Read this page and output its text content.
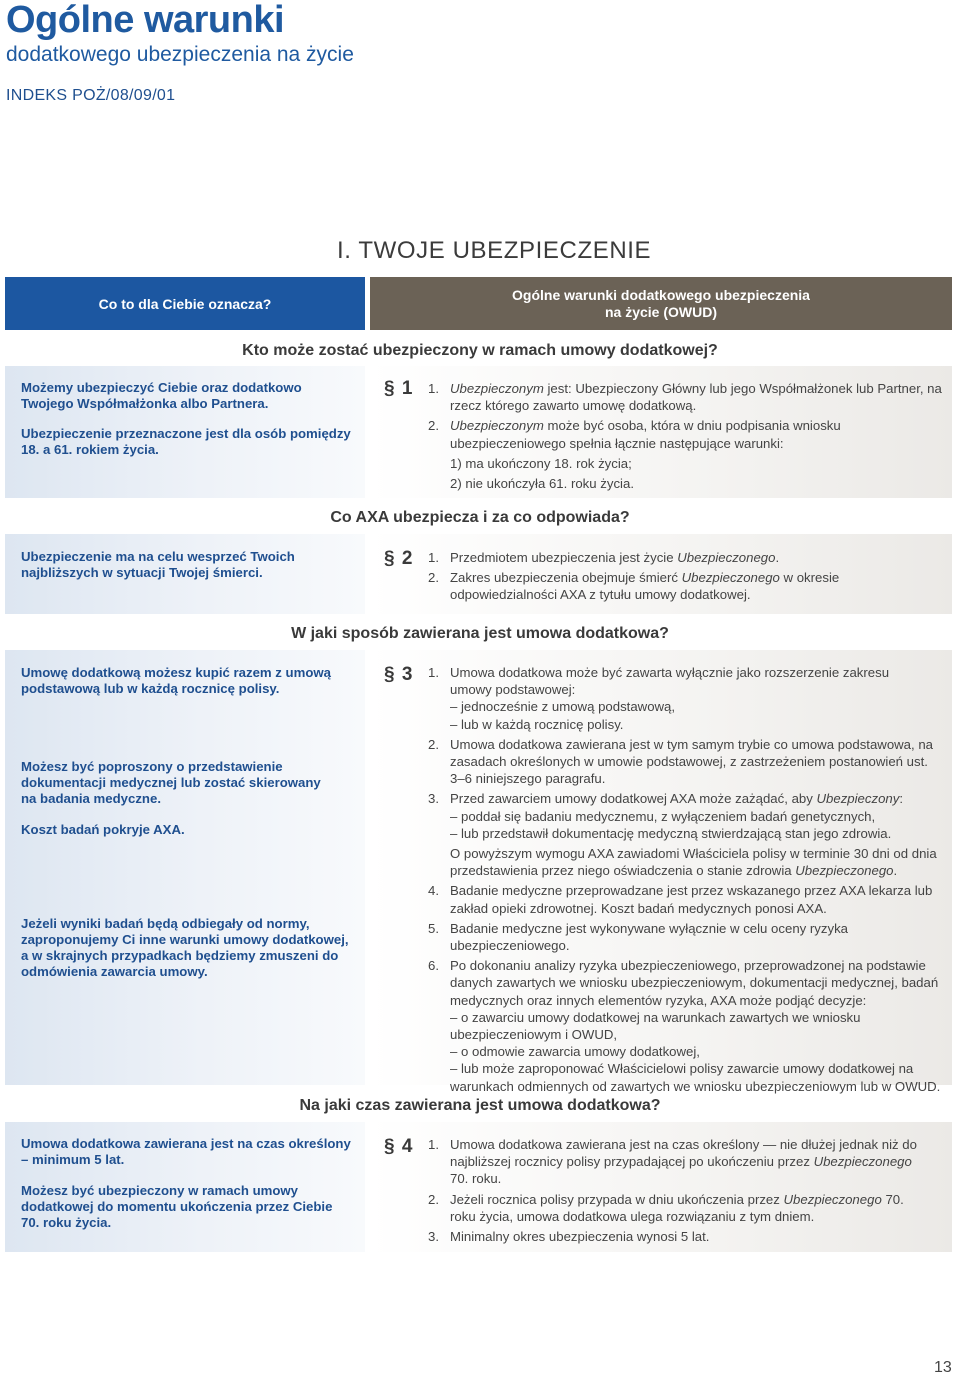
Ogólne warunki
dodatkowego ubezpieczenia na życie
INDEKS POŻ/08/09/01
I. TWOJE UBEZPIECZENIE
Co to dla Ciebie oznacza?
Ogólne warunki dodatkowego ubezpieczenia
na życie (OWUD)
Kto może zostać ubezpieczony w ramach umowy dodatkowej?

Możemy ubezpieczyć Ciebie oraz dodatkowo Twojego Współmałżonka albo Partnera.

Ubezpieczenie przeznaczone jest dla osób pomiędzy 18. a 61. rokiem życia.

§ 1 1. Ubezpieczonym jest: Ubezpieczony Główny lub jego Współmałżonek lub Partner, na rzecz którego zawarto umowę dodatkową.
2. Ubezpieczonym może być osoba, która w dniu podpisania wniosku ubezpieczeniowego spełnia łącznie następujące warunki:
1) ma ukończony 18. rok życia;
2) nie ukończyła 61. roku życia.
Co AXA ubezpiecza i za co odpowiada?

Ubezpieczenie ma na celu wesprzeć Twoich najbliższych w sytuacji Twojej śmierci.

§ 2 1. Przedmiotem ubezpieczenia jest życie Ubezpieczonego.
2. Zakres ubezpieczenia obejmuje śmierć Ubezpieczonego w okresie odpowiedzialności AXA z tytułu umowy dodatkowej.
W jaki sposób zawierana jest umowa dodatkowa?

Umowę dodatkową możesz kupić razem z umową podstawową lub w każdą rocznicę polisy.

Możesz być poproszony o przedstawienie dokumentacji medycznej lub zostać skierowany na badania medyczne.

Koszt badań pokryje AXA.

Jeżeli wyniki badań będą odbiegały od normy, zaproponujemy Ci inne warunki umowy dodatkowej, a w skrajnych przypadkach będziemy zmuszeni do odmówienia zawarcia umowy.

§ 3 1. Umowa dodatkowa może być zawarta wyłącznie jako rozszerzenie zakresu umowy podstawowej:
– jednocześnie z umową podstawową,
– lub w każdą rocznicę polisy.
2. Umowa dodatkowa zawierana jest w tym samym trybie co umowa podstawowa, na zasadach określonych w umowie podstawowej, z zastrzeżeniem postanowień ust. 3–6 niniejszego paragrafu.
3. Przed zawarciem umowy dodatkowej AXA może zażądać, aby Ubezpieczony:
– poddał się badaniu medycznemu, z wyłączeniem badań genetycznych,
– lub przedstawił dokumentację medyczną stwierdzającą stan jego zdrowia.
O powyższym wymogu AXA zawiadomi Właściciela polisy w terminie 30 dni od dnia przedstawienia przez niego oświadczenia o stanie zdrowia Ubezpieczonego.
4. Badanie medyczne przeprowadzane jest przez wskazanego przez AXA lekarza lub zakład opieki zdrowotnej. Koszt badań medycznych ponosi AXA.
5. Badanie medyczne jest wykonywane wyłącznie w celu oceny ryzyka ubezpieczeniowego.
6. Po dokonaniu analizy ryzyka ubezpieczeniowego, przeprowadzonej na podstawie danych zawartych we wniosku ubezpieczeniowym, dokumentacji medycznej, badań medycznych oraz innych elementów ryzyka, AXA może podjąć decyzje:
– o zawarciu umowy dodatkowej na warunkach zawartych we wniosku ubezpieczeniowym i OWUD,
– o odmowie zawarcia umowy dodatkowej,
– lub może zaproponować Właścicielowi polisy zawarcie umowy dodatkowej na warunkach odmiennych od zawartych we wniosku ubezpieczeniowym lub w OWUD.
Na jaki czas zawierana jest umowa dodatkowa?

Umowa dodatkowa zawierana jest na czas określony – minimum 5 lat.

Możesz być ubezpieczony w ramach umowy dodatkowej do momentu ukończenia przez Ciebie 70. roku życia.

§ 4 1. Umowa dodatkowa zawierana jest na czas określony — nie dłużej jednak niż do najbliższej rocznicy polisy przypadającej po ukończeniu przez Ubezpieczonego 70. roku.
2. Jeżeli rocznica polisy przypada w dniu ukończenia przez Ubezpieczonego 70. roku życia, umowa dodatkowa ulega rozwiązaniu z tym dniem.
3. Minimalny okres ubezpieczenia wynosi 5 lat.
13
